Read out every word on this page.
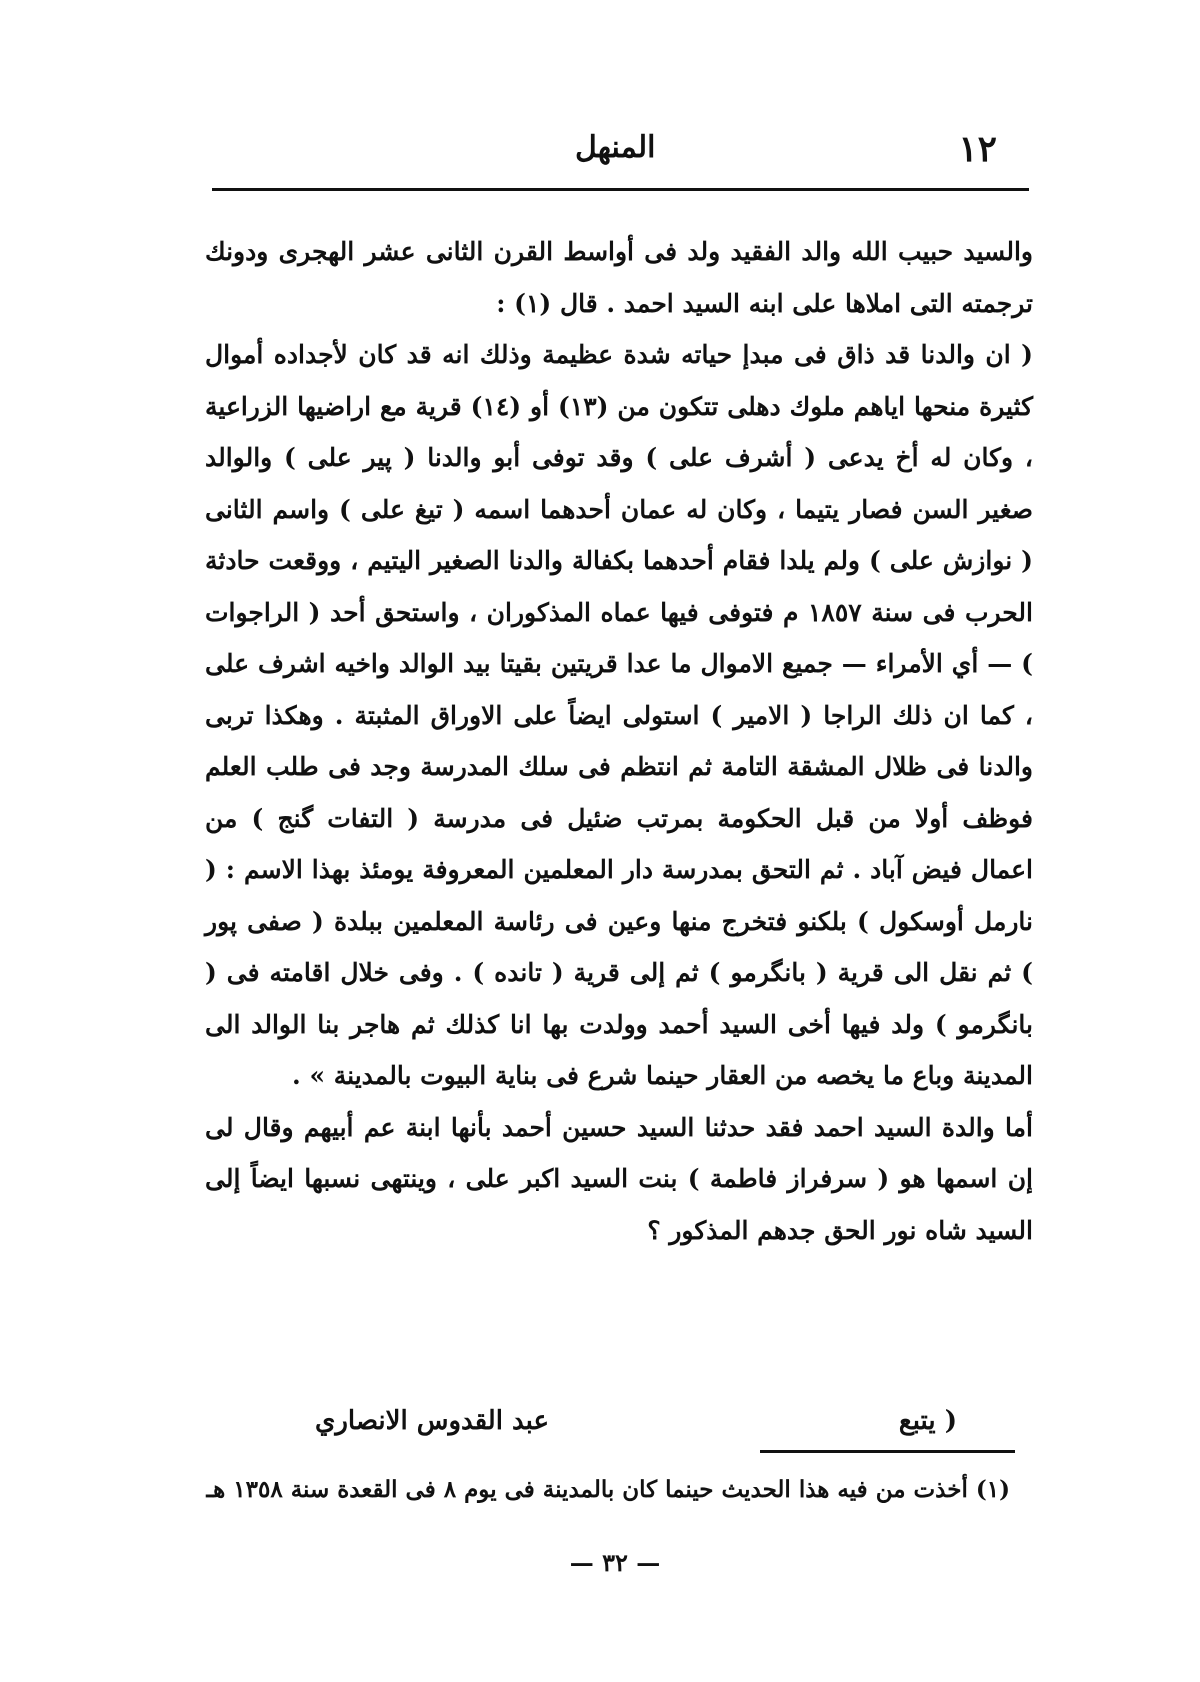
١٢
المنهل

والسيد حبيب الله والد الفقيد ولد فى أواسط القرن الثانى عشر الهجرى ودونك ترجمته التى املاها على ابنه السيد احمد . قال (١) :

( ان والدنا قد ذاق فى مبدإ حياته شدة عظيمة وذلك انه قد كان لأجداده أموال كثيرة منحها اياهم ملوك دهلى تتكون من (١٣) أو (١٤) قرية مع اراضيها الزراعية ، وكان له أخ يدعى ( أشرف على ) وقد توفى أبو والدنا ( پير على ) والوالد صغير السن فصار يتيما ، وكان له عمان أحدهما اسمه ( تيغ على ) واسم الثانى ( نوازش على ) ولم يلدا فقام أحدهما بكفالة والدنا الصغير اليتيم ، ووقعت حادثة الحرب فى سنة ١٨٥٧ م فتوفى فيها عماه المذكوران ، واستحق أحد ( الراجوات ) — أي الأمراء — جميع الاموال ما عدا قريتين بقيتا بيد الوالد واخيه اشرف على ، كما ان ذلك الراجا ( الامير ) استولى ايضاً على الاوراق المثبتة . وهكذا تربى والدنا فى ظلال المشقة التامة ثم انتظم فى سلك المدرسة وجد فى طلب العلم فوظف أولا من قبل الحكومة بمرتب ضئيل فى مدرسة ( التفات گنج ) من اعمال فيض آباد . ثم التحق بمدرسة دار المعلمين المعروفة يومئذ بهذا الاسم : ( نارمل أوسكول ) بلكنو فتخرج منها وعين فى رئاسة المعلمين ببلدة ( صفى پور ) ثم نقل الى قرية ( بانگرمو ) ثم إلى قرية ( تانده ) . وفى خلال اقامته فى ( بانگرمو ) ولد فيها أخى السيد أحمد وولدت بها انا كذلك ثم هاجر بنا الوالد الى المدينة وباع ما يخصه من العقار حينما شرع فى بناية البيوت بالمدينة » .

أما والدة السيد احمد فقد حدثنا السيد حسين أحمد بأنها ابنة عم أبيهم وقال لى إن اسمها هو ( سرفراز فاطمة ) بنت السيد اكبر على ، وينتهى نسبها ايضاً إلى السيد شاه نور الحق جدهم المذكور ؟

( يتبع
عبد القدوس الانصاري
(١) أخذت من فيه هذا الحديث حينما كان بالمدينة فى يوم ٨ فى القعدة سنة ١٣٥٨ هـ
— ٣٢ —
